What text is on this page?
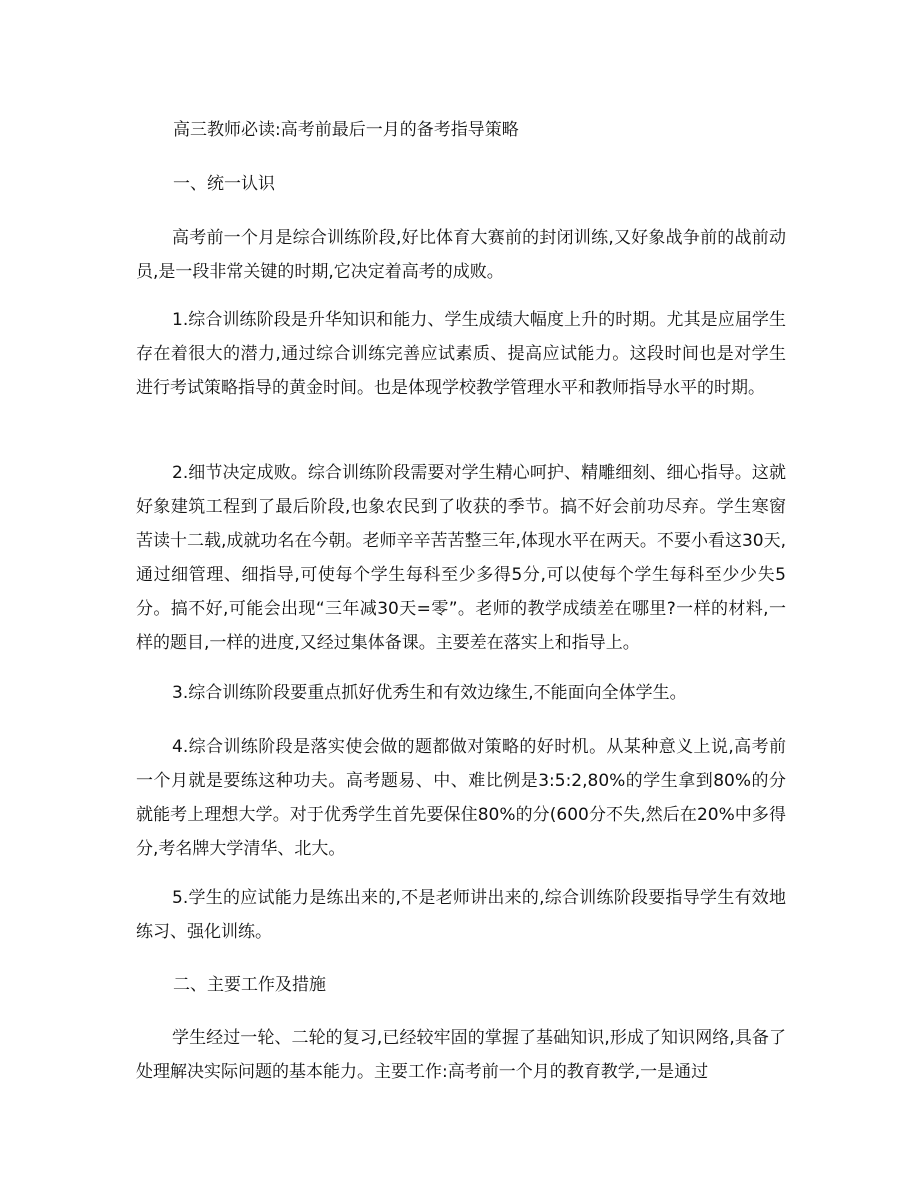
高三教师必读:高考前最后一月的备考指导策略
一、统一认识

高考前一个月是综合训练阶段,好比体育大赛前的封闭训练,又好象战争前的战前动员,是一段非常关键的时期,它决定着高考的成败。

1.综合训练阶段是升华知识和能力、学生成绩大幅度上升的时期。尤其是应届学生存在着很大的潜力,通过综合训练完善应试素质、提高应试能力。这段时间也是对学生进行考试策略指导的黄金时间。也是体现学校教学管理水平和教师指导水平的时期。

2.细节决定成败。综合训练阶段需要对学生精心呵护、精雕细刻、细心指导。这就好象建筑工程到了最后阶段,也象农民到了收获的季节。搞不好会前功尽弃。学生寒窗苦读十二载,成就功名在今朝。老师辛辛苦苦整三年,体现水平在两天。不要小看这30天,通过细管理、细指导,可使每个学生每科至少多得5分,可以使每个学生每科至少少失5分。搞不好,可能会出现“三年减30天=零”。老师的教学成绩差在哪里?一样的材料,一样的题目,一样的进度,又经过集体备课。主要差在落实上和指导上。

3.综合训练阶段要重点抓好优秀生和有效边缘生,不能面向全体学生。

4.综合训练阶段是落实使会做的题都做对策略的好时机。从某种意义上说,高考前一个月就是要练这种功夫。高考题易、中、难比例是3:5:2,80%的学生拿到80%的分就能考上理想大学。对于优秀学生首先要保住80%的分(600分不失,然后在20%中多得分,考名牌大学清华、北大。

5.学生的应试能力是练出来的,不是老师讲出来的,综合训练阶段要指导学生有效地练习、强化训练。

二、主要工作及措施

学生经过一轮、二轮的复习,已经较牢固的掌握了基础知识,形成了知识网络,具备了处理解决实际问题的基本能力。主要工作:高考前一个月的教育教学,一是通过
